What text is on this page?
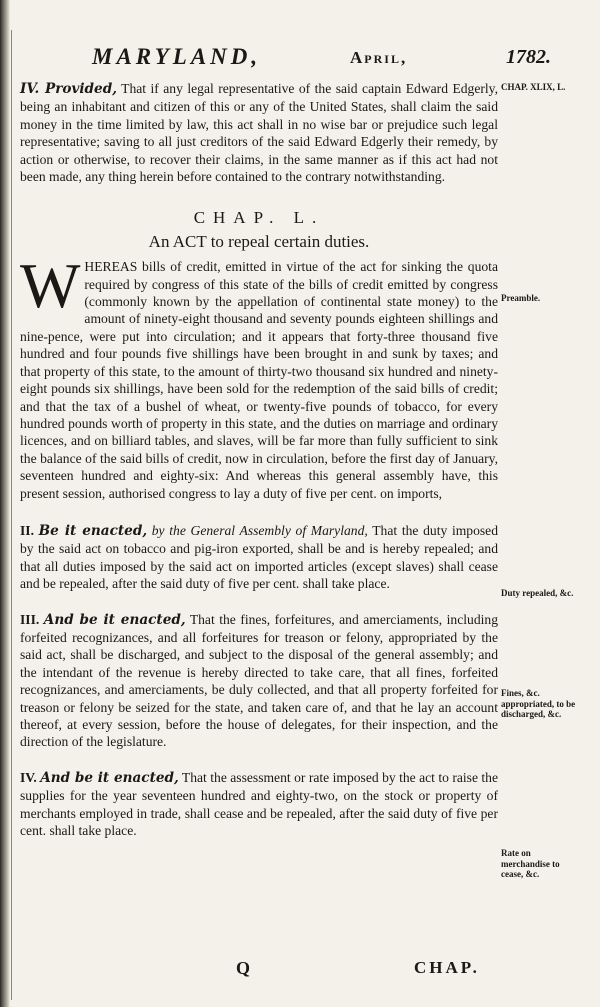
MARYLAND,	April,	1782.
CHAP. XLIX, L.
Preamble.
Duty repealed, &c.
Fines, &c. appropriated, to be discharged, &c.
Rate on merchandise to cease, &c.

IV. Provided, That if any legal representative of the said captain Edward Edgerly, being an inhabitant and citizen of this or any of the United States, shall claim the said money in the time limited by law, this act shall in no wise bar or prejudice such legal representative; saving to all just creditors of the said Edward Edgerly their remedy, by action or otherwise, to recover their claims, in the same manner as if this act had not been made, any thing herein before contained to the contrary notwithstanding.

CHAP. L.
An ACT to repeal certain duties.

WHEREAS bills of credit, emitted in virtue of the act for sinking the quota required by congress of this state of the bills of credit emitted by congress (commonly known by the appellation of continental state money) to the amount of ninety-eight thousand and seventy pounds eighteen shillings and nine-pence, were put into circulation; and it appears that forty-three thousand five hundred and four pounds five shillings have been brought in and sunk by taxes; and that property of this state, to the amount of thirty-two thousand six hundred and ninety-eight pounds six shillings, have been sold for the redemption of the said bills of credit; and that the tax of a bushel of wheat, or twenty-five pounds of tobacco, for every hundred pounds worth of property in this state, and the duties on marriage and ordinary licences, and on billiard tables, and slaves, will be far more than fully sufficient to sink the balance of the said bills of credit, now in circulation, before the first day of January, seventeen hundred and eighty-six: And whereas this general assembly have, this present session, authorised congress to lay a duty of five per cent. on imports,

II. Be it enacted, by the General Assembly of Maryland, That the duty imposed by the said act on tobacco and pig-iron exported, shall be and is hereby repealed; and that all duties imposed by the said act on imported articles (except slaves) shall cease and be repealed, after the said duty of five per cent. shall take place.

III. And be it enacted, That the fines, forfeitures, and amerciaments, including forfeited recognizances, and all forfeitures for treason or felony, appropriated by the said act, shall be discharged, and subject to the disposal of the general assembly; and the intendant of the revenue is hereby directed to take care, that all fines, forfeited recognizances, and amerciaments, be duly collected, and that all property forfeited for treason or felony be seized for the state, and taken care of, and that he lay an account thereof, at every session, before the house of delegates, for their inspection, and the direction of the legislature.

IV. And be it enacted, That the assessment or rate imposed by the act to raise the supplies for the year seventeen hundred and eighty-two, on the stock or property of merchants employed in trade, shall cease and be repealed, after the said duty of five per cent. shall take place.

Q	CHAP.
